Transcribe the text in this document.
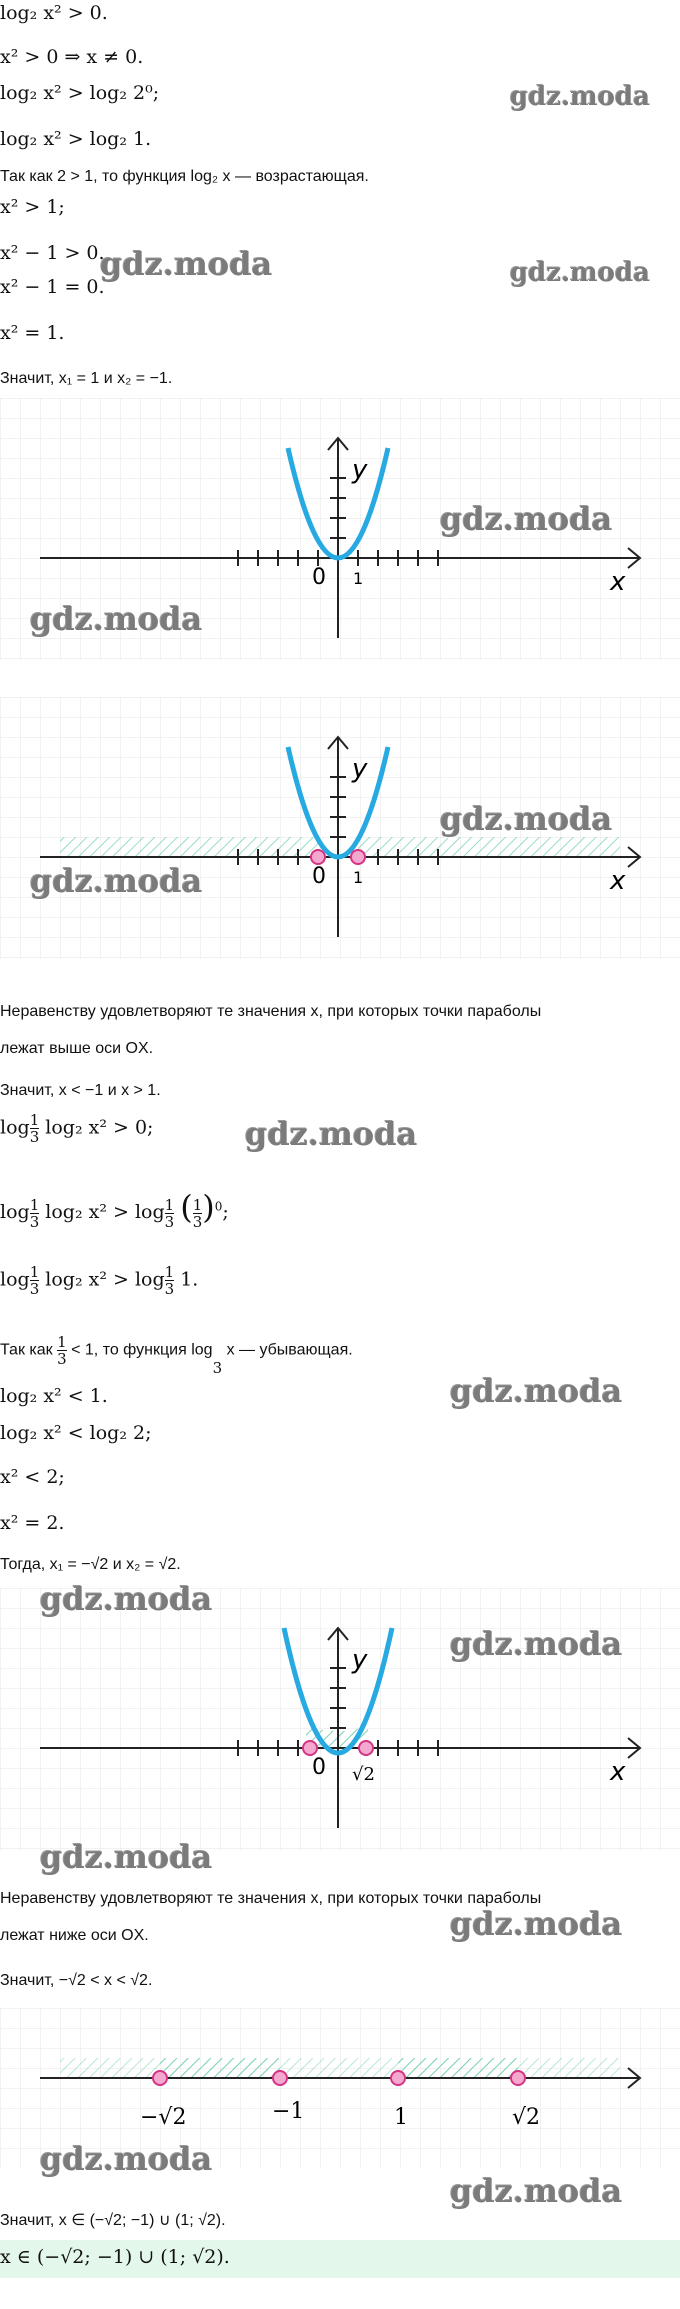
log₂ x² > 0.
x² > 0 ⇒ x ≠ 0.
log₂ x² > log₂ 2⁰;
log₂ x² > log₂ 1.
Так как 2 > 1, то функция log₂ x — возрастающая.
x² > 1;
x² − 1 > 0.
x² − 1 = 0.
x² = 1.
Значит, x₁ = 1 и x₂ = −1.
gdz.moda
gdz.moda	gdz.moda
y
x
0 1
gdz.moda
gdz.moda
y
x
0 1
gdz.moda
gdz.moda
Неравенству удовлетворяют те значения x, при которых точки параболы
лежат выше оси OX.
Значит, x < −1 и x > 1.
$\log \frac{1}{3} \log_2$ x² > 0;
$\log \frac{1}{3} \log_2$ $x^2 > \log \frac{1}{3}$ ( $\frac{1}{3} )^0$;
$\log \frac{1}{3} \log_2$ $x^2 > \log \frac{1}{3} 1$.
Так как $\frac{1}{3} < 1$, то функция log
3
x — убывающая.
gdz.moda
gdz.moda
log₂ x² < 1.
log₂ x² < log₂ 2;
x² < 2;
x² = 2.
Тогда, x₁ = −√2 и x₂ = √2.
y
x
0 √2
gdz.moda
gdz.moda
gdz.moda
Неравенству удовлетворяют те значения x, при которых точки параболы
лежат ниже оси OX.	gdz.moda
Значит, −√2 < x < √2.
−√2	−1	1	√2
gdz.moda
gdz.moda
Значит, x ∈ (−√2; −1) ∪ (1; √2).
x ∈ (−√2; −1) ∪ (1; √2).
